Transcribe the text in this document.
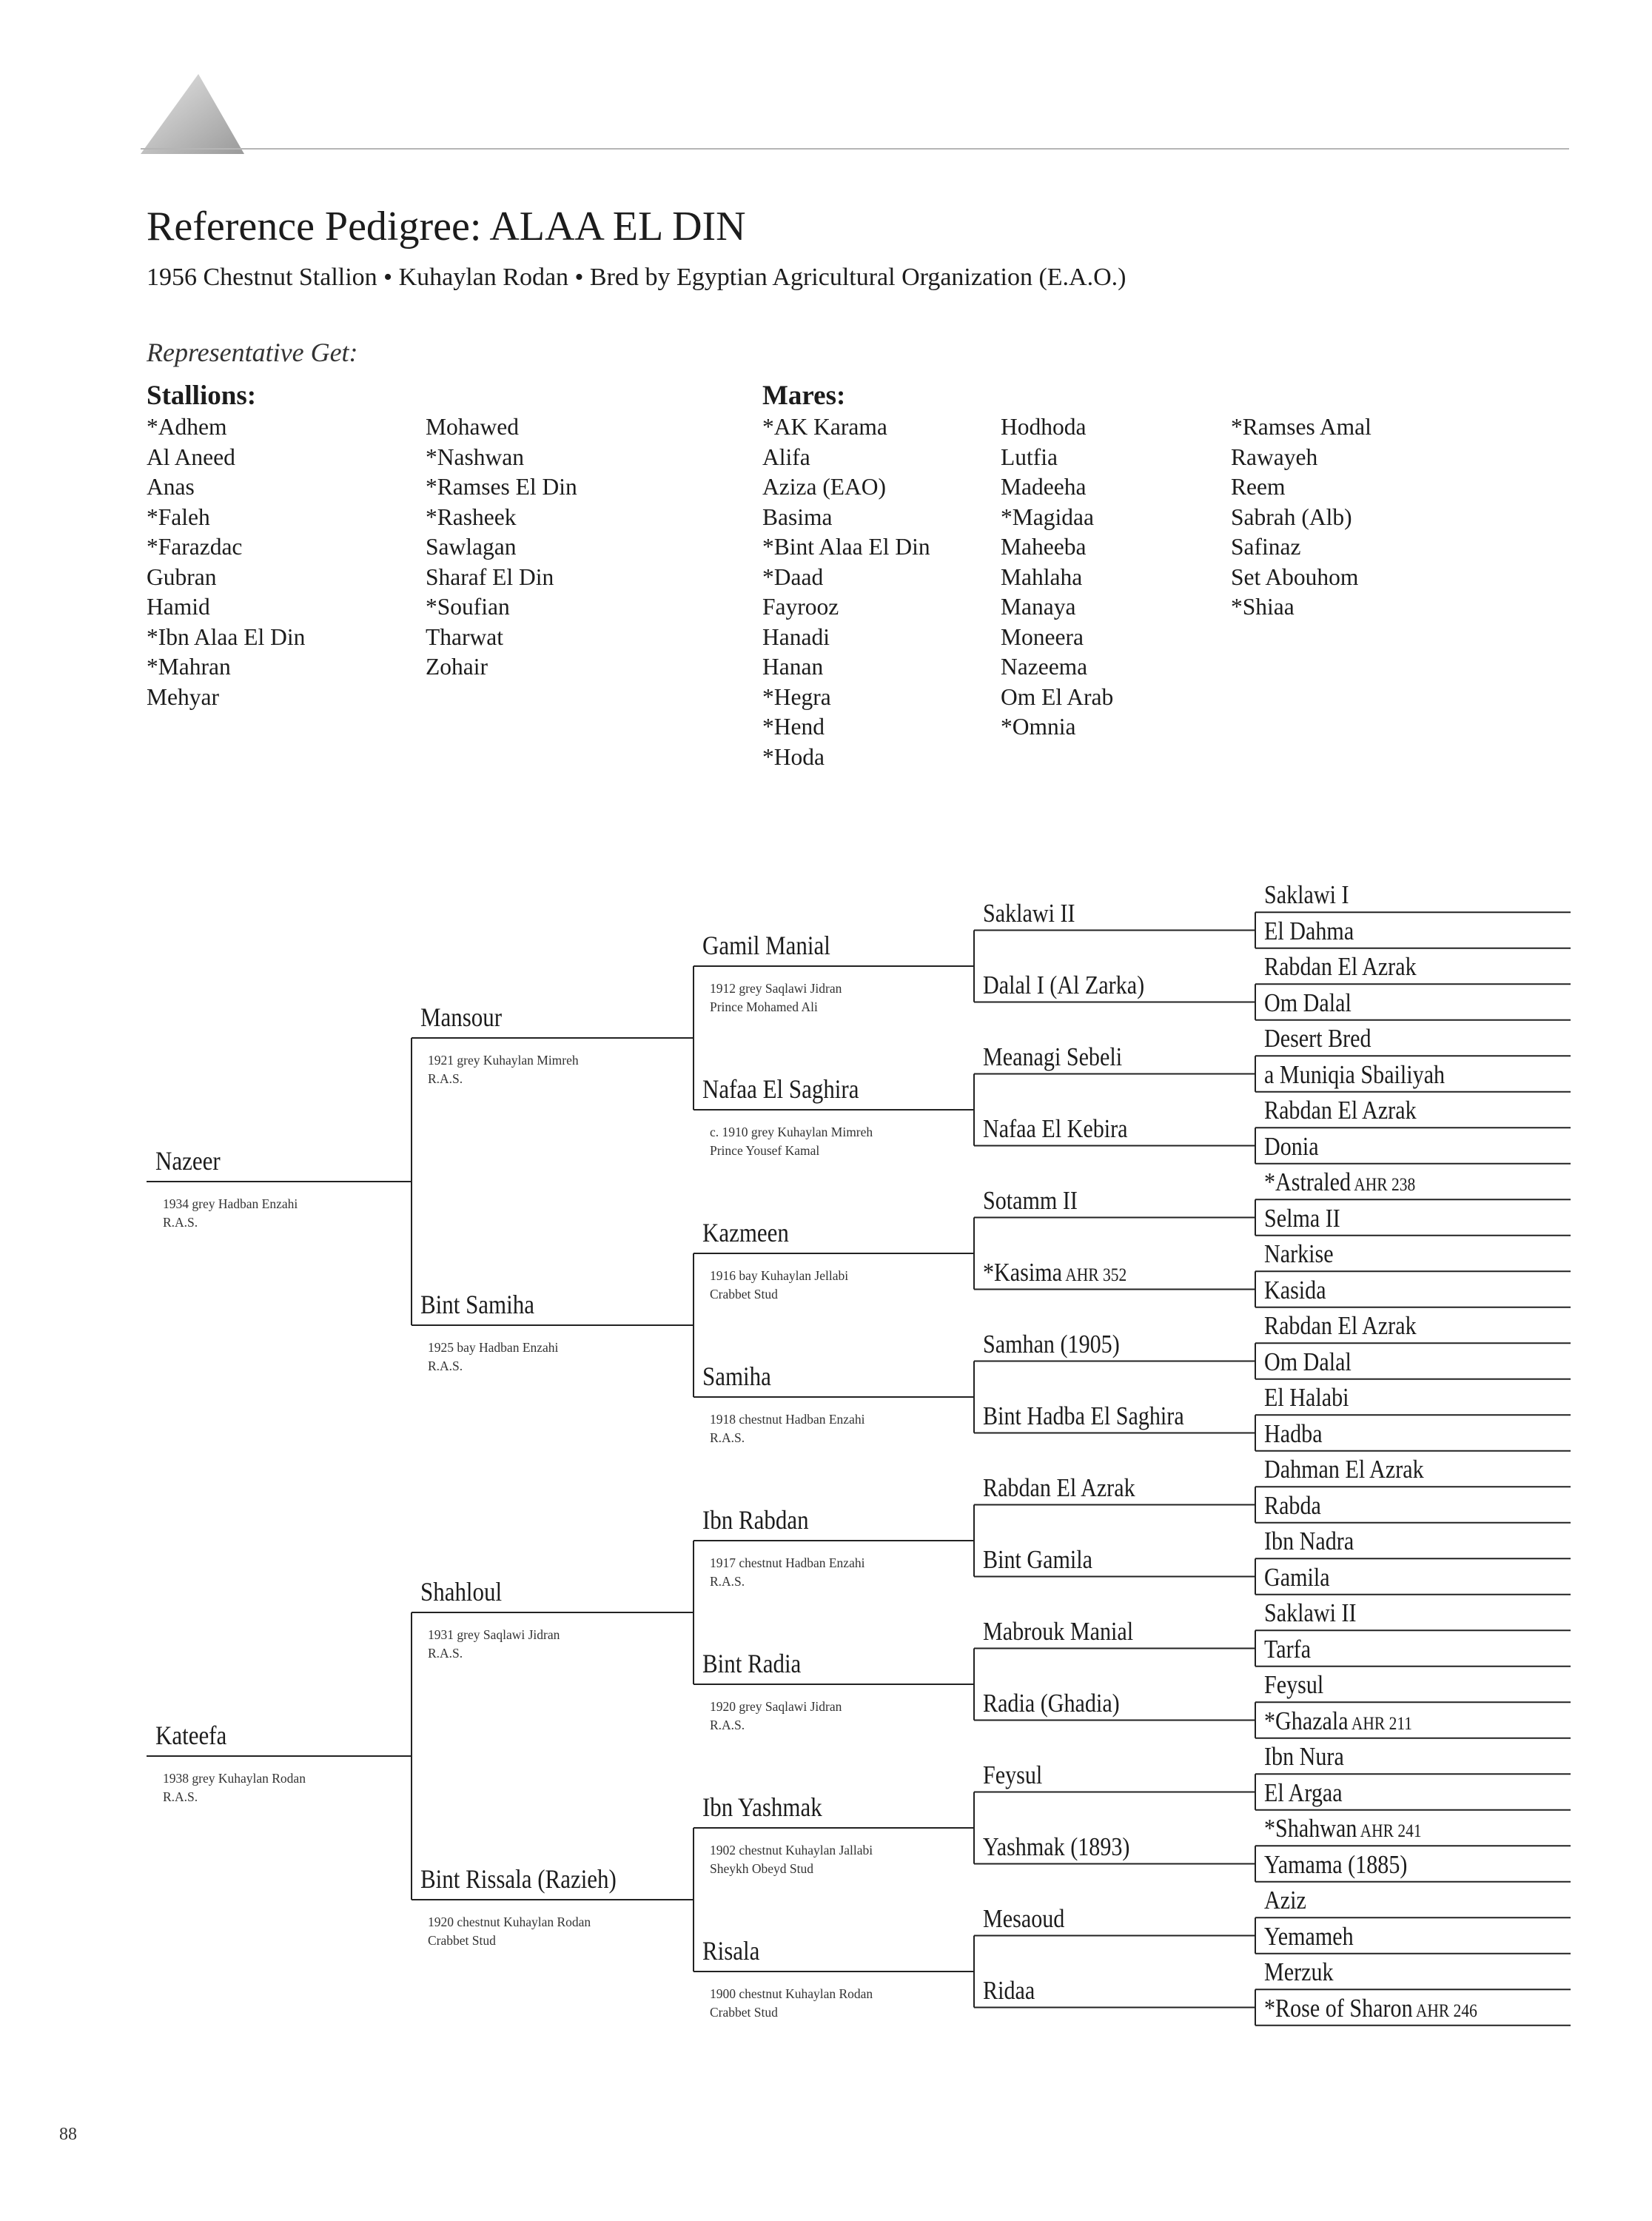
Reference Pedigree: ALAA EL DIN
1956 Chestnut Stallion • Kuhaylan Rodan • Bred by Egyptian Agricultural Organization (E.A.O.)
Representative Get:
Stallions:	Mares:
*Adhem
Al Aneed
Anas
*Faleh
*Farazdac
Gubran
Hamid
*Ibn Alaa El Din
*Mahran
Mehyar
Mohawed
*Nashwan
*Ramses El Din
*Rasheek
Sawlagan
Sharaf El Din
*Soufian
Tharwat
Zohair
*AK Karama
Alifa
Aziza (EAO)
Basima
*Bint Alaa El Din
*Daad
Fayrooz
Hanadi
Hanan
*Hegra
*Hend
*Hoda
Hodhoda
Lutfia
Madeeha
*Magidaa
Maheeba
Mahlaha
Manaya
Moneera
Nazeema
Om El Arab
*Omnia
*Ramses Amal
Rawayeh
Reem
Sabrah (Alb)
Safinaz
Set Abouhom
*Shiaa
Nazeer
1934 grey Hadban Enzahi
R.A.S.
Kateefa
1938 grey Kuhaylan Rodan
R.A.S.
Mansour
1921 grey Kuhaylan Mimreh
R.A.S.
Bint Samiha
1925 bay Hadban Enzahi
R.A.S.
Shahloul
1931 grey Saqlawi Jidran
R.A.S.
Bint Rissala (Razieh)
1920 chestnut Kuhaylan Rodan
Crabbet Stud
Gamil Manial
1912 grey Saqlawi Jidran
Prince Mohamed Ali
Nafaa El Saghira
c. 1910 grey Kuhaylan Mimreh
Prince Yousef Kamal
Kazmeen
1916 bay Kuhaylan Jellabi
Crabbet Stud
Samiha
1918 chestnut Hadban Enzahi
R.A.S.
Ibn Rabdan
1917 chestnut Hadban Enzahi
R.A.S.
Bint Radia
1920 grey Saqlawi Jidran
R.A.S.
Ibn Yashmak
1902 chestnut Kuhaylan Jallabi
Sheykh Obeyd Stud
Risala
1900 chestnut Kuhaylan Rodan
Crabbet Stud
Saklawi II
Dalal I (Al Zarka)
Meanagi Sebeli
Nafaa El Kebira
Sotamm II
*Kasima AHR 352
Samhan (1905)
Bint Hadba El Saghira
Rabdan El Azrak
Bint Gamila
Mabrouk Manial
Radia (Ghadia)
Feysul
Yashmak (1893)
Mesaoud
Ridaa
Saklawi I
El Dahma
Rabdan El Azrak
Om Dalal
Desert Bred
a Muniqia Sbailiyah
Rabdan El Azrak
Donia
*Astraled AHR 238
Selma II
Narkise
Kasida
Rabdan El Azrak
Om Dalal
El Halabi
Hadba
Dahman El Azrak
Rabda
Ibn Nadra
Gamila
Saklawi II
Tarfa
Feysul
*Ghazala AHR 211
Ibn Nura
El Argaa
*Shahwan AHR 241
Yamama (1885)
Aziz
Yemameh
Merzuk
*Rose of Sharon AHR 246
88
